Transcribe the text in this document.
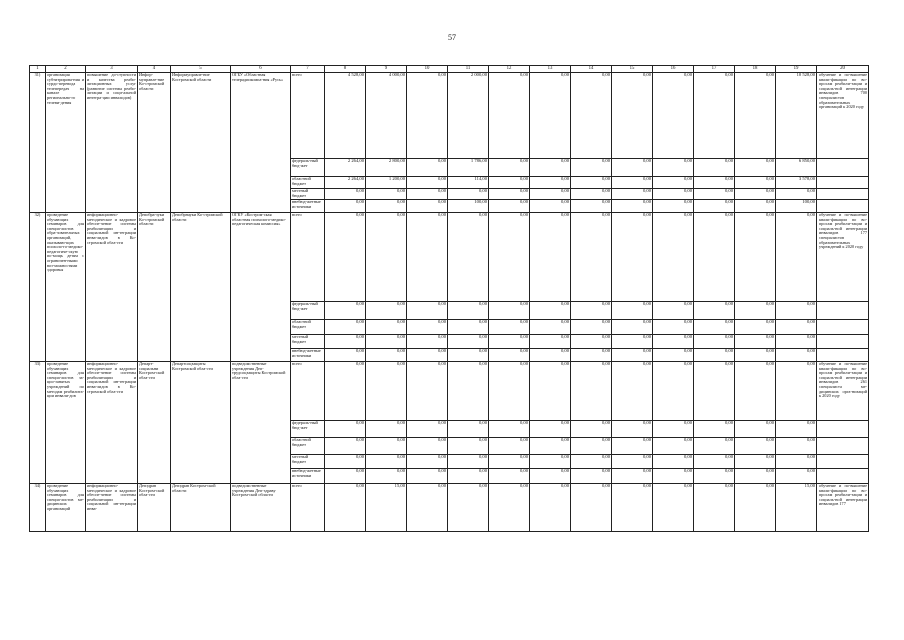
57
1	2	3	4	5	6	7	8	9	10	11	12	13	14	15	16	17	18	19	20
31)	организация субтитрирова-ния и сурдо-перевода телепередач на канале регионально-го телеви-дения	повышение до-ступности и качества реаби-литационных услуг (развитие системы реаби-литации и соци-альной интегра-ции инвалидов)	Инфор-муправле-ние Ко-стромской области	Информуправле-ние Костромской области	ОГБУ «Областная телерадиокомпа-ния «Русь»	всего	4 528,00	4 000,00	0,00	2 000,00	0,00	0,00	0,00	0,00	0,00	0,00	0,00	10 528,00	обучение и по-вышение квали-фикации по во-просам реабили-тации и социаль-ной интеграции инвалидов 700 специалистов образовательных организаций к 2020 году
						федераль-ный бюд-жет	2 264,00	2 800,00	0,00	1 786,00	0,00	0,00	0,00	0,00	0,00	0,00	0,00	6 850,00	
						областной бюджет	2 264,00	1 200,00	0,00	114,00	0,00	0,00	0,00	0,00	0,00	0,00	0,00	3 578,00	
						местный бюджет	0,00	0,00	0,00	0,00	0,00	0,00	0,00	0,00	0,00	0,00	0,00	0,00	
						внебюд-жетные источники	0,00	0,00	0,00	100,00	0,00	0,00	0,00	0,00	0,00	0,00	0,00	100,00	
32)	проведение обучающих семинаров для специа-листов обра-зовательных организаций, оказываю-щих психоло-го-медико-педагогиче-скую по-мощь детям с ограничен-ными воз-можностями здоровья	информационно-методическое и кадровое обеспе-чение системы реабилитации и социальной ин-теграции инва-лидов в Ко-стромской обла-сти	Депобра-зуки Ко-стромской области	Депобрнауки Ко-стромской области	ОГКУ «Костром-ская областная психолого-медико-педагогическая комиссия»	всего	0,00	0,00	0,00	0,00	0,00	0,00	0,00	0,00	0,00	0,00	0,00	0,00	обучение и по-вышение квали-фикации по во-просам реабили-тации и социаль-ной интеграции инвалидов 177 специалистов образовательных учреждений к 2020 году
						федераль-ный бюд-жет	0,00	0,00	0,00	0,00	0,00	0,00	0,00	0,00	0,00	0,00	0,00	0,00	
						областной бюджет	0,00	0,00	0,00	0,00	0,00	0,00	0,00	0,00	0,00	0,00	0,00	0,00	
						местный бюджет	0,00	0,00	0,00	0,00	0,00	0,00	0,00	0,00	0,00	0,00	0,00	0,00	
						внебюд-жетные источники	0,00	0,00	0,00	0,00	0,00	0,00	0,00	0,00	0,00	0,00	0,00	0,00	
33)	проведение обучающих семинаров для специа-листов за-цио-занятых учреждений по методам реабилита-ции инвали-дов	информационно-методическое и кадровое обеспе-чение системы реабилитации и социальной ин-теграции инва-лидов в Ко-стромской обла-сти	Департ-социальни Костром-ской обла-сти	Департсоцзащиты Костромской обла-сти	подведомственные учреждения Деп-трудсоцзащиты Костромской обла-сти	всего	0,00	0,00	0,00	0,00	0,00	0,00	0,00	0,00	0,00	0,00	0,00	0,00	обучение и по-вышение квали-фикации по во-просам реабили-тации и социаль-ной интеграции инвалидов 261 специалиста ме-дицинских орга-низаций к 2020 году
						федераль-ный бюд-жет	0,00	0,00	0,00	0,00	0,00	0,00	0,00	0,00	0,00	0,00	0,00	0,00	
						областной бюджет	0,00	0,00	0,00	0,00	0,00	0,00	0,00	0,00	0,00	0,00	0,00	0,00	
						местный бюджет	0,00	0,00	0,00	0,00	0,00	0,00	0,00	0,00	0,00	0,00	0,00	0,00	
						внебюд-жетные источники	0,00	0,00	0,00	0,00	0,00	0,00	0,00	0,00	0,00	0,00	0,00	0,00	
34)	проведение обучающих семинаров для специа-листов ме-дицинских организаций	информационно-методическое и кадровое обеспе-чение системы реабилитации и социальной ин-теграции инва-	Депздрав Костром-ской обла-сти	Депздрав Костром-ской области	подведомственные учреждения Деп-здраву Костром-ской области	всего	0,00	15,00	0,00	0,00	0,00	0,00	0,00	0,00	0,00	0,00	0,00	15,00	обучение и по-вышение квали-фикации по во-просам реабили-тации и социаль-ной интеграции инвалидов 177
